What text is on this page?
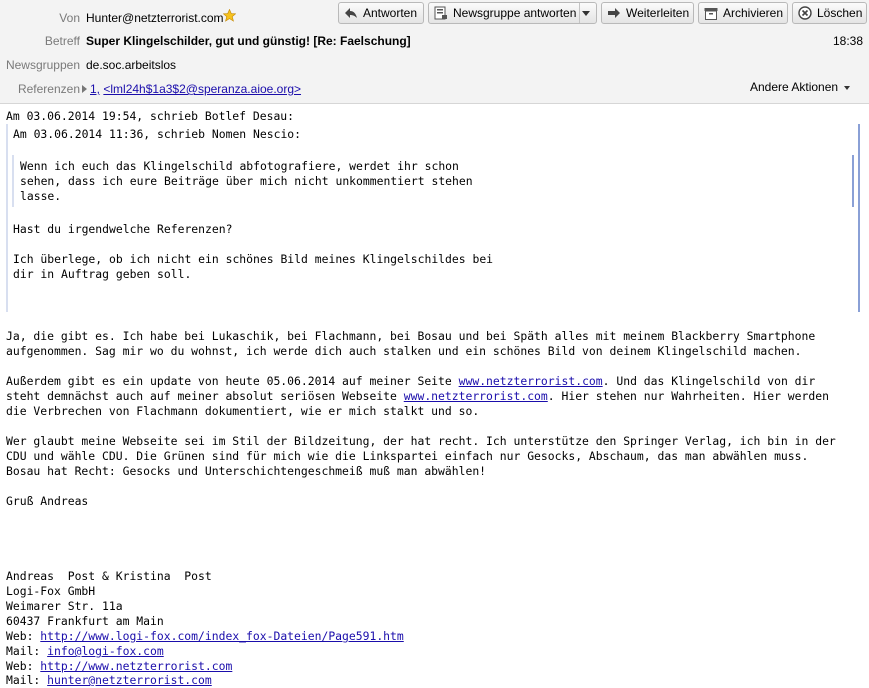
Von Hunter@netzterrorist.com	Antworten	Newsgruppe antworten	Weiterleiten	Archivieren	Löschen
Betreff Super Klingelschilder, gut und günstig! [Re: Faelschung]	18:38
Newsgruppen de.soc.arbeitslos
Referenzen 1, <lml24h$1a3$2@speranza.aioe.org>	Andere Aktionen
Am 03.06.2014 19:54, schrieb Botlef Desau:
Am 03.06.2014 11:36, schrieb Nomen Nescio:
Wenn ich euch das Klingelschild abfotografiere, werdet ihr schon
sehen, dass ich eure Beiträge über mich nicht unkommentiert stehen
lasse.
Hast du irgendwelche Referenzen?

Ich überlege, ob ich nicht ein schönes Bild meines Klingelschildes bei
dir in Auftrag geben soll.
Ja, die gibt es. Ich habe bei Lukaschik, bei Flachmann, bei Bosau und bei Späth alles mit meinem Blackberry Smartphone
aufgenommen. Sag mir wo du wohnst, ich werde dich auch stalken und ein schönes Bild von deinem Klingelschild machen.
Außerdem gibt es ein update von heute 05.06.2014 auf meiner Seite www.netzterrorist.com. Und das Klingelschild von dir
steht demnächst auch auf meiner absolut seriösen Webseite www.netzterrorist.com. Hier stehen nur Wahrheiten. Hier werden
die Verbrechen von Flachmann dokumentiert, wie er mich stalkt und so.
Wer glaubt meine Webseite sei im Stil der Bildzeitung, der hat recht. Ich unterstütze den Springer Verlag, ich bin in der
CDU und wähle CDU. Die Grünen sind für mich wie die Linkspartei einfach nur Gesocks, Abschaum, das man abwählen muss.
Bosau hat Recht: Gesocks und Unterschichtengeschmeiß muß man abwählen!
Gruß Andreas
Andreas  Post & Kristina  Post
Logi-Fox GmbH
Weimarer Str. 11a
60437 Frankfurt am Main
Web: http://www.logi-fox.com/index_fox-Dateien/Page591.htm
Mail: info@logi-fox.com
Web: http://www.netzterrorist.com
Mail: hunter@netzterrorist.com
